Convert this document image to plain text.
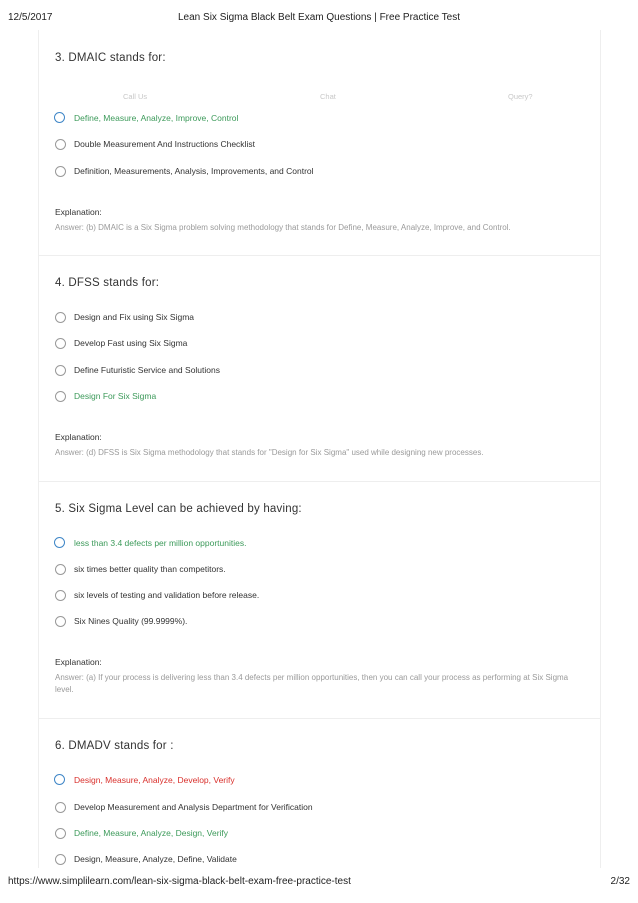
12/5/2017	Lean Six Sigma Black Belt Exam Questions | Free Practice Test
3. DMAIC stands for:
Call Us	Chat	Query?
Define, Measure, Analyze, Improve, Control
Double Measurement And Instructions Checklist
Definition, Measurements, Analysis, Improvements, and Control
Explanation:
Answer: (b) DMAIC is a Six Sigma problem solving methodology that stands for Define, Measure, Analyze, Improve, and Control.
4. DFSS stands for:
Design and Fix using Six Sigma
Develop Fast using Six Sigma
Define Futuristic Service and Solutions
Design For Six Sigma
Explanation:
Answer: (d) DFSS is Six Sigma methodology that stands for "Design for Six Sigma" used while designing new processes.
5. Six Sigma Level can be achieved by having:
less than 3.4 defects per million opportunities.
six times better quality than competitors.
six levels of testing and validation before release.
Six Nines Quality (99.9999%).
Explanation:
Answer: (a) If your process is delivering less than 3.4 defects per million opportunities, then you can call your process as performing at Six Sigma level.
6. DMADV stands for :
Design, Measure, Analyze, Develop, Verify
Develop Measurement and Analysis Department for Verification
Define, Measure, Analyze, Design, Verify
Design, Measure, Analyze, Define, Validate
https://www.simplilearn.com/lean-six-sigma-black-belt-exam-free-practice-test	2/32
